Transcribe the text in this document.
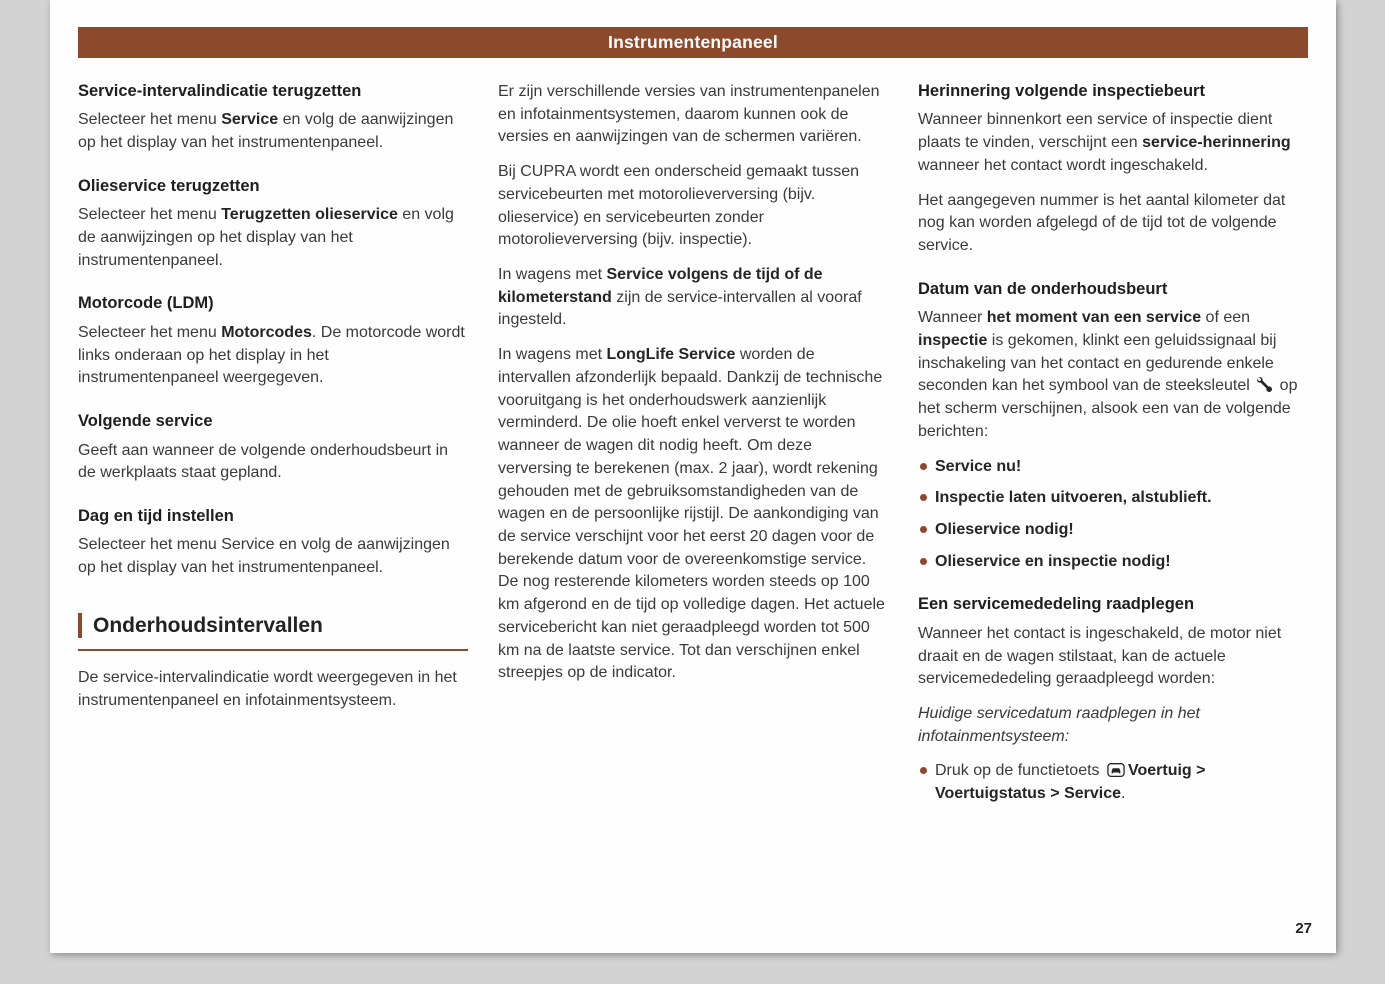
Instrumentenpaneel
Service-intervalindicatie terugzetten

Selecteer het menu Service en volg de aanwijzingen op het display van het instrumentenpaneel.

Olieservice terugzetten

Selecteer het menu Terugzetten olieservice en volg de aanwijzingen op het display van het instrumentenpaneel.

Motorcode (LDM)

Selecteer het menu Motorcodes. De motorcode wordt links onderaan op het display in het instrumentenpaneel weergegeven.

Volgende service

Geeft aan wanneer de volgende onderhoudsbeurt in de werkplaats staat gepland.

Dag en tijd instellen

Selecteer het menu Service en volg de aanwijzingen op het display van het instrumentenpaneel.

Onderhoudsintervallen

De service-intervalindicatie wordt weergegeven in het instrumentenpaneel en infotainmentsysteem.

Er zijn verschillende versies van instrumentenpanelen en infotainmentsystemen, daarom kunnen ook de versies en aanwijzingen van de schermen variëren.

Bij CUPRA wordt een onderscheid gemaakt tussen servicebeurten met motorolieverversing (bijv. olieservice) en servicebeurten zonder motorolieverversing (bijv. inspectie).

In wagens met Service volgens de tijd of de kilometerstand zijn de service-intervallen al vooraf ingesteld.

In wagens met LongLife Service worden de intervallen afzonderlijk bepaald. Dankzij de technische vooruitgang is het onderhoudswerk aanzienlijk verminderd. De olie hoeft enkel ververst te worden wanneer de wagen dit nodig heeft. Om deze verversing te berekenen (max. 2 jaar), wordt rekening gehouden met de gebruiksomstandigheden van de wagen en de persoonlijke rijstijl. De aankondiging van de service verschijnt voor het eerst 20 dagen voor de berekende datum voor de overeenkomstige service. De nog resterende kilometers worden steeds op 100 km afgerond en de tijd op volledige dagen. Het actuele servicebericht kan niet geraadpleegd worden tot 500 km na de laatste service. Tot dan verschijnen enkel streepjes op de indicator.

Herinnering volgende inspectiebeurt

Wanneer binnenkort een service of inspectie dient plaats te vinden, verschijnt een service-herinnering wanneer het contact wordt ingeschakeld.

Het aangegeven nummer is het aantal kilometer dat nog kan worden afgelegd of de tijd tot de volgende service.

Datum van de onderhoudsbeurt

Wanneer het moment van een service of een inspectie is gekomen, klinkt een geluidssignaal bij inschakeling van het contact en gedurende enkele seconden kan het symbool van de steeksleutel  op het scherm verschijnen, alsook een van de volgende berichten:

Service nu!
Inspectie laten uitvoeren, alstublieft.
Olieservice nodig!
Olieservice en inspectie nodig!
Een servicemededeling raadplegen

Wanneer het contact is ingeschakeld, de motor niet draait en de wagen stilstaat, kan de actuele servicemededeling geraadpleegd worden:

Huidige servicedatum raadplegen in het infotainmentsysteem:

Druk op de functietoets Voertuig > Voertuigstatus > Service.
27
